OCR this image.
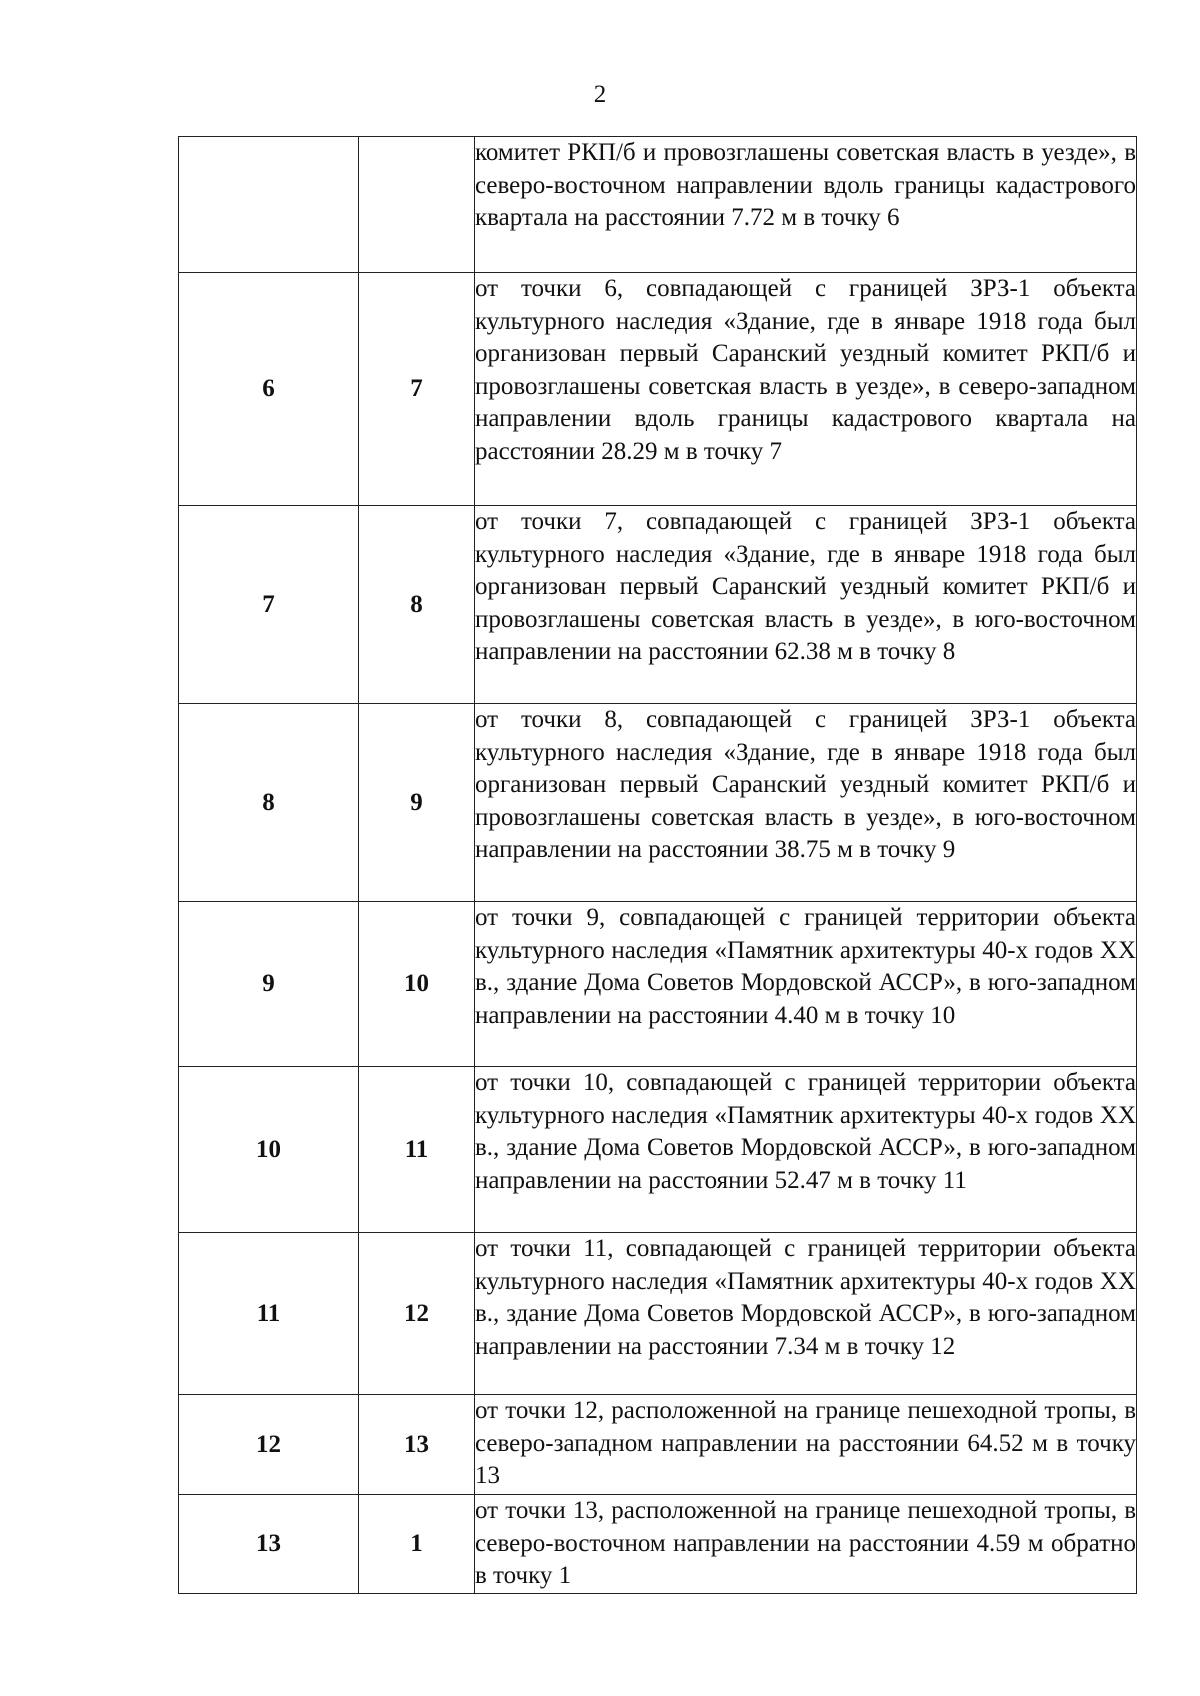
2

		комитет РКП/б и провозглашены советская власть в уезде», в северо-восточном направлении вдоль границы кадастрового квартала на расстоянии 7.72 м в точку 6

6	7	от точки 6, совпадающей с границей ЗРЗ-1 объекта культурного наследия «Здание, где в январе 1918 года был организован первый Саранский уездный комитет РКП/б и провозглашены советская власть в уезде», в северо-западном направлении вдоль границы кадастрового квартала на расстоянии 28.29 м в точку 7

7	8	от точки 7, совпадающей с границей ЗРЗ-1 объекта культурного наследия «Здание, где в январе 1918 года был организован первый Саранский уездный комитет РКП/б и провозглашены советская власть в уезде», в юго-восточном направлении на расстоянии 62.38 м в точку 8

8	9	от точки 8, совпадающей с границей ЗРЗ-1 объекта культурного наследия «Здание, где в январе 1918 года был организован первый Саранский уездный комитет РКП/б и провозглашены советская власть в уезде», в юго-восточном направлении на расстоянии 38.75 м в точку 9

9	10	от точки 9, совпадающей с границей территории объекта культурного наследия «Памятник архитектуры 40-х годов XX в., здание Дома Советов Мордовской АССР», в юго-западном направлении на расстоянии 4.40 м в точку 10

10	11	от точки 10, совпадающей с границей территории объекта культурного наследия «Памятник архитектуры 40-х годов XX в., здание Дома Советов Мордовской АССР», в юго-западном направлении на расстоянии 52.47 м в точку 11

11	12	от точки 11, совпадающей с границей территории объекта культурного наследия «Памятник архитектуры 40-х годов XX в., здание Дома Советов Мордовской АССР», в юго-западном направлении на расстоянии 7.34 м в точку 12

12	13	от точки 12, расположенной на границе пешеходной тропы, в северо-западном направлении на расстоянии 64.52 м в точку 13

13	1	от точки 13, расположенной на границе пешеходной тропы, в северо-восточном направлении на расстоянии 4.59 м обратно в точку 1
